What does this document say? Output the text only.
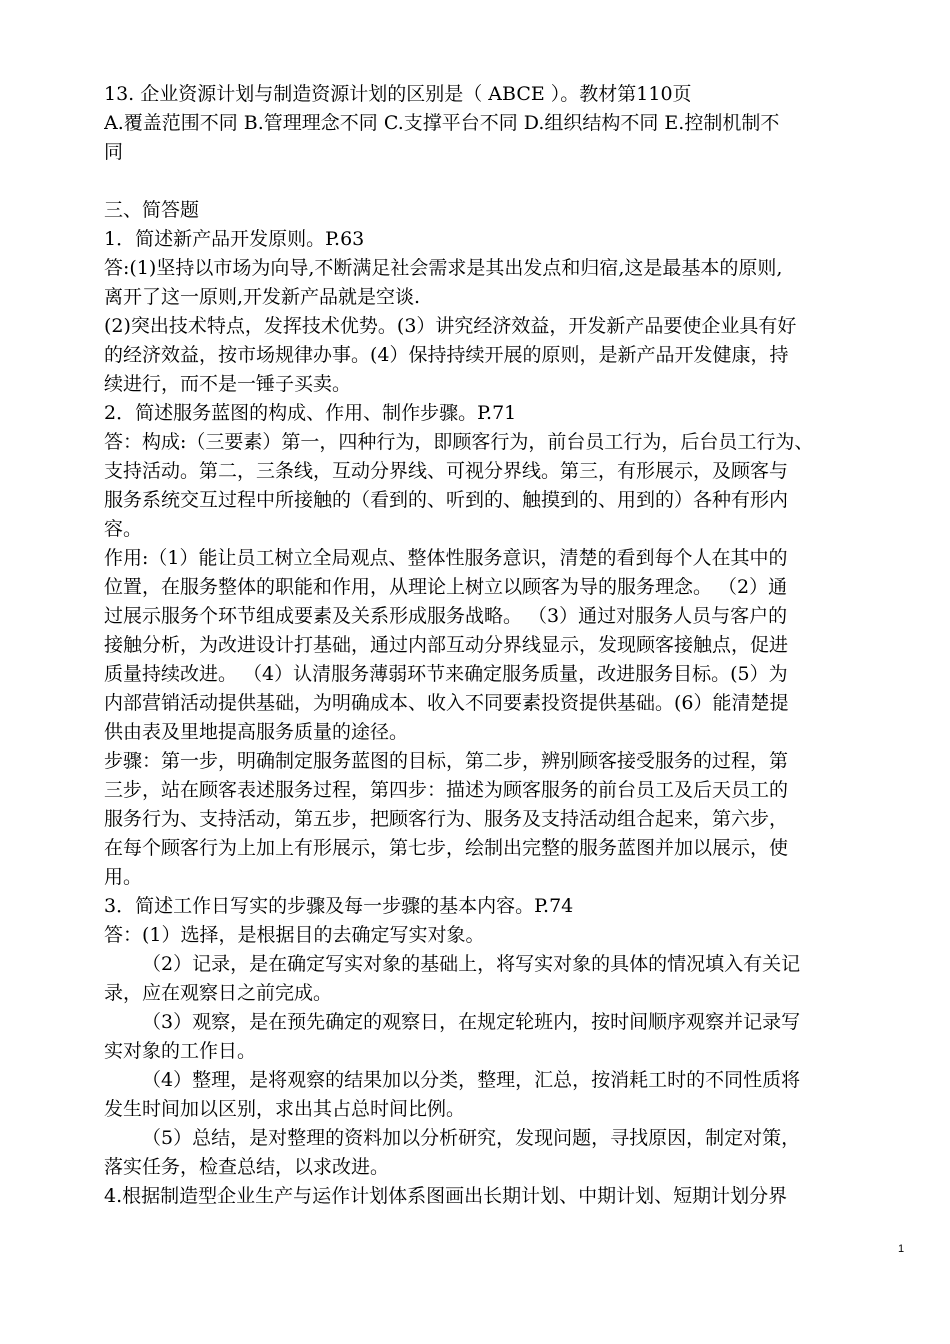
13. 企业资源计划与制造资源计划的区别是（ ABCE ）。教材第110页
A.覆盖范围不同 B.管理理念不同 C.支撑平台不同 D.组织结构不同 E.控制机制不
同
三、简答题
1．简述新产品开发原则。P.63
答:(1)坚持以市场为向导,不断满足社会需求是其出发点和归宿,这是最基本的原则,
离开了这一原则,开发新产品就是空谈.
(2)突出技术特点，发挥技术优势。(3）讲究经济效益，开发新产品要使企业具有好
的经济效益，按市场规律办事。(4）保持持续开展的原则，是新产品开发健康，持
续进行，而不是一锤子买卖。
2．简述服务蓝图的构成、作用、制作步骤。P.71
答：构成:（三要素）第一，四种行为，即顾客行为，前台员工行为，后台员工行为、
支持活动。第二，三条线，互动分界线、可视分界线。第三，有形展示，及顾客与
服务系统交互过程中所接触的（看到的、听到的、触摸到的、用到的）各种有形内
容。
作用:（1）能让员工树立全局观点、整体性服务意识，清楚的看到每个人在其中的
位置，在服务整体的职能和作用，从理论上树立以顾客为导的服务理念。 （2）通
过展示服务个环节组成要素及关系形成服务战略。 （3）通过对服务人员与客户的
接触分析，为改进设计打基础，通过内部互动分界线显示，发现顾客接触点，促进
质量持续改进。 （4）认清服务薄弱环节来确定服务质量，改进服务目标。(5）为
内部营销活动提供基础，为明确成本、收入不同要素投资提供基础。(6）能清楚提
供由表及里地提高服务质量的途径。
步骤：第一步，明确制定服务蓝图的目标，第二步，辨别顾客接受服务的过程，第
三步，站在顾客表述服务过程，第四步：描述为顾客服务的前台员工及后天员工的
服务行为、支持活动，第五步，把顾客行为、服务及支持活动组合起来，第六步，
在每个顾客行为上加上有形展示，第七步，绘制出完整的服务蓝图并加以展示，使
用。
3．简述工作日写实的步骤及每一步骤的基本内容。P.74
答：(1）选择，是根据目的去确定写实对象。
（2）记录，是在确定写实对象的基础上，将写实对象的具体的情况填入有关记
录，应在观察日之前完成。
（3）观察，是在预先确定的观察日，在规定轮班内，按时间顺序观察并记录写
实对象的工作日。
（4）整理，是将观察的结果加以分类，整理，汇总，按消耗工时的不同性质将
发生时间加以区别，求出其占总时间比例。
（5）总结，是对整理的资料加以分析研究，发现问题，寻找原因，制定对策，
落实任务，检查总结，以求改进。
4.根据制造型企业生产与运作计划体系图画出长期计划、中期计划、短期计划分界
1
